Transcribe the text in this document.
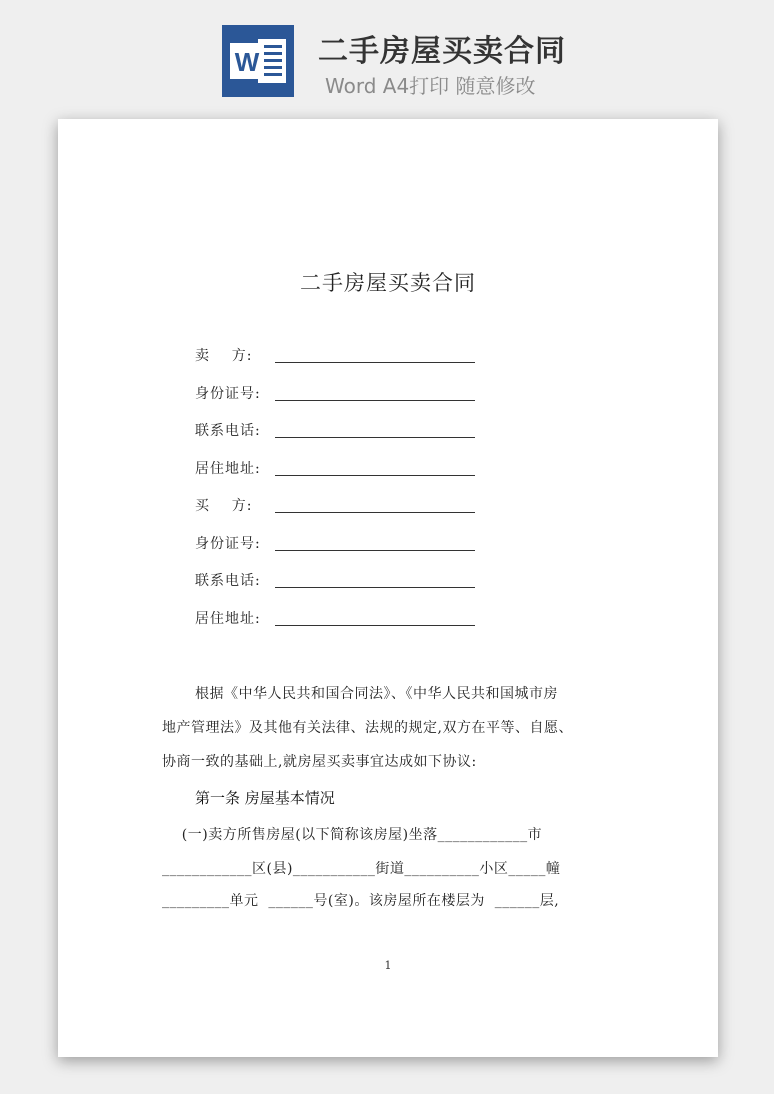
W 二手房屋买卖合同
Word A4打印 随意修改
二手房屋买卖合同
卖    方:
身份证号:
联系电话:
居住地址:
买    方:
身份证号:
联系电话:
居住地址:
根据《中华人民共和国合同法》、《中华人民共和国城市房
地产管理法》及其他有关法律、法规的规定,双方在平等、自愿、
协商一致的基础上,就房屋买卖事宜达成如下协议:
第一条 房屋基本情况
(一)卖方所售房屋(以下简称该房屋)坐落____________市
____________区(县)___________街道__________小区_____幢
_________单元  ______号(室)。该房屋所在楼层为  ______层,
1
